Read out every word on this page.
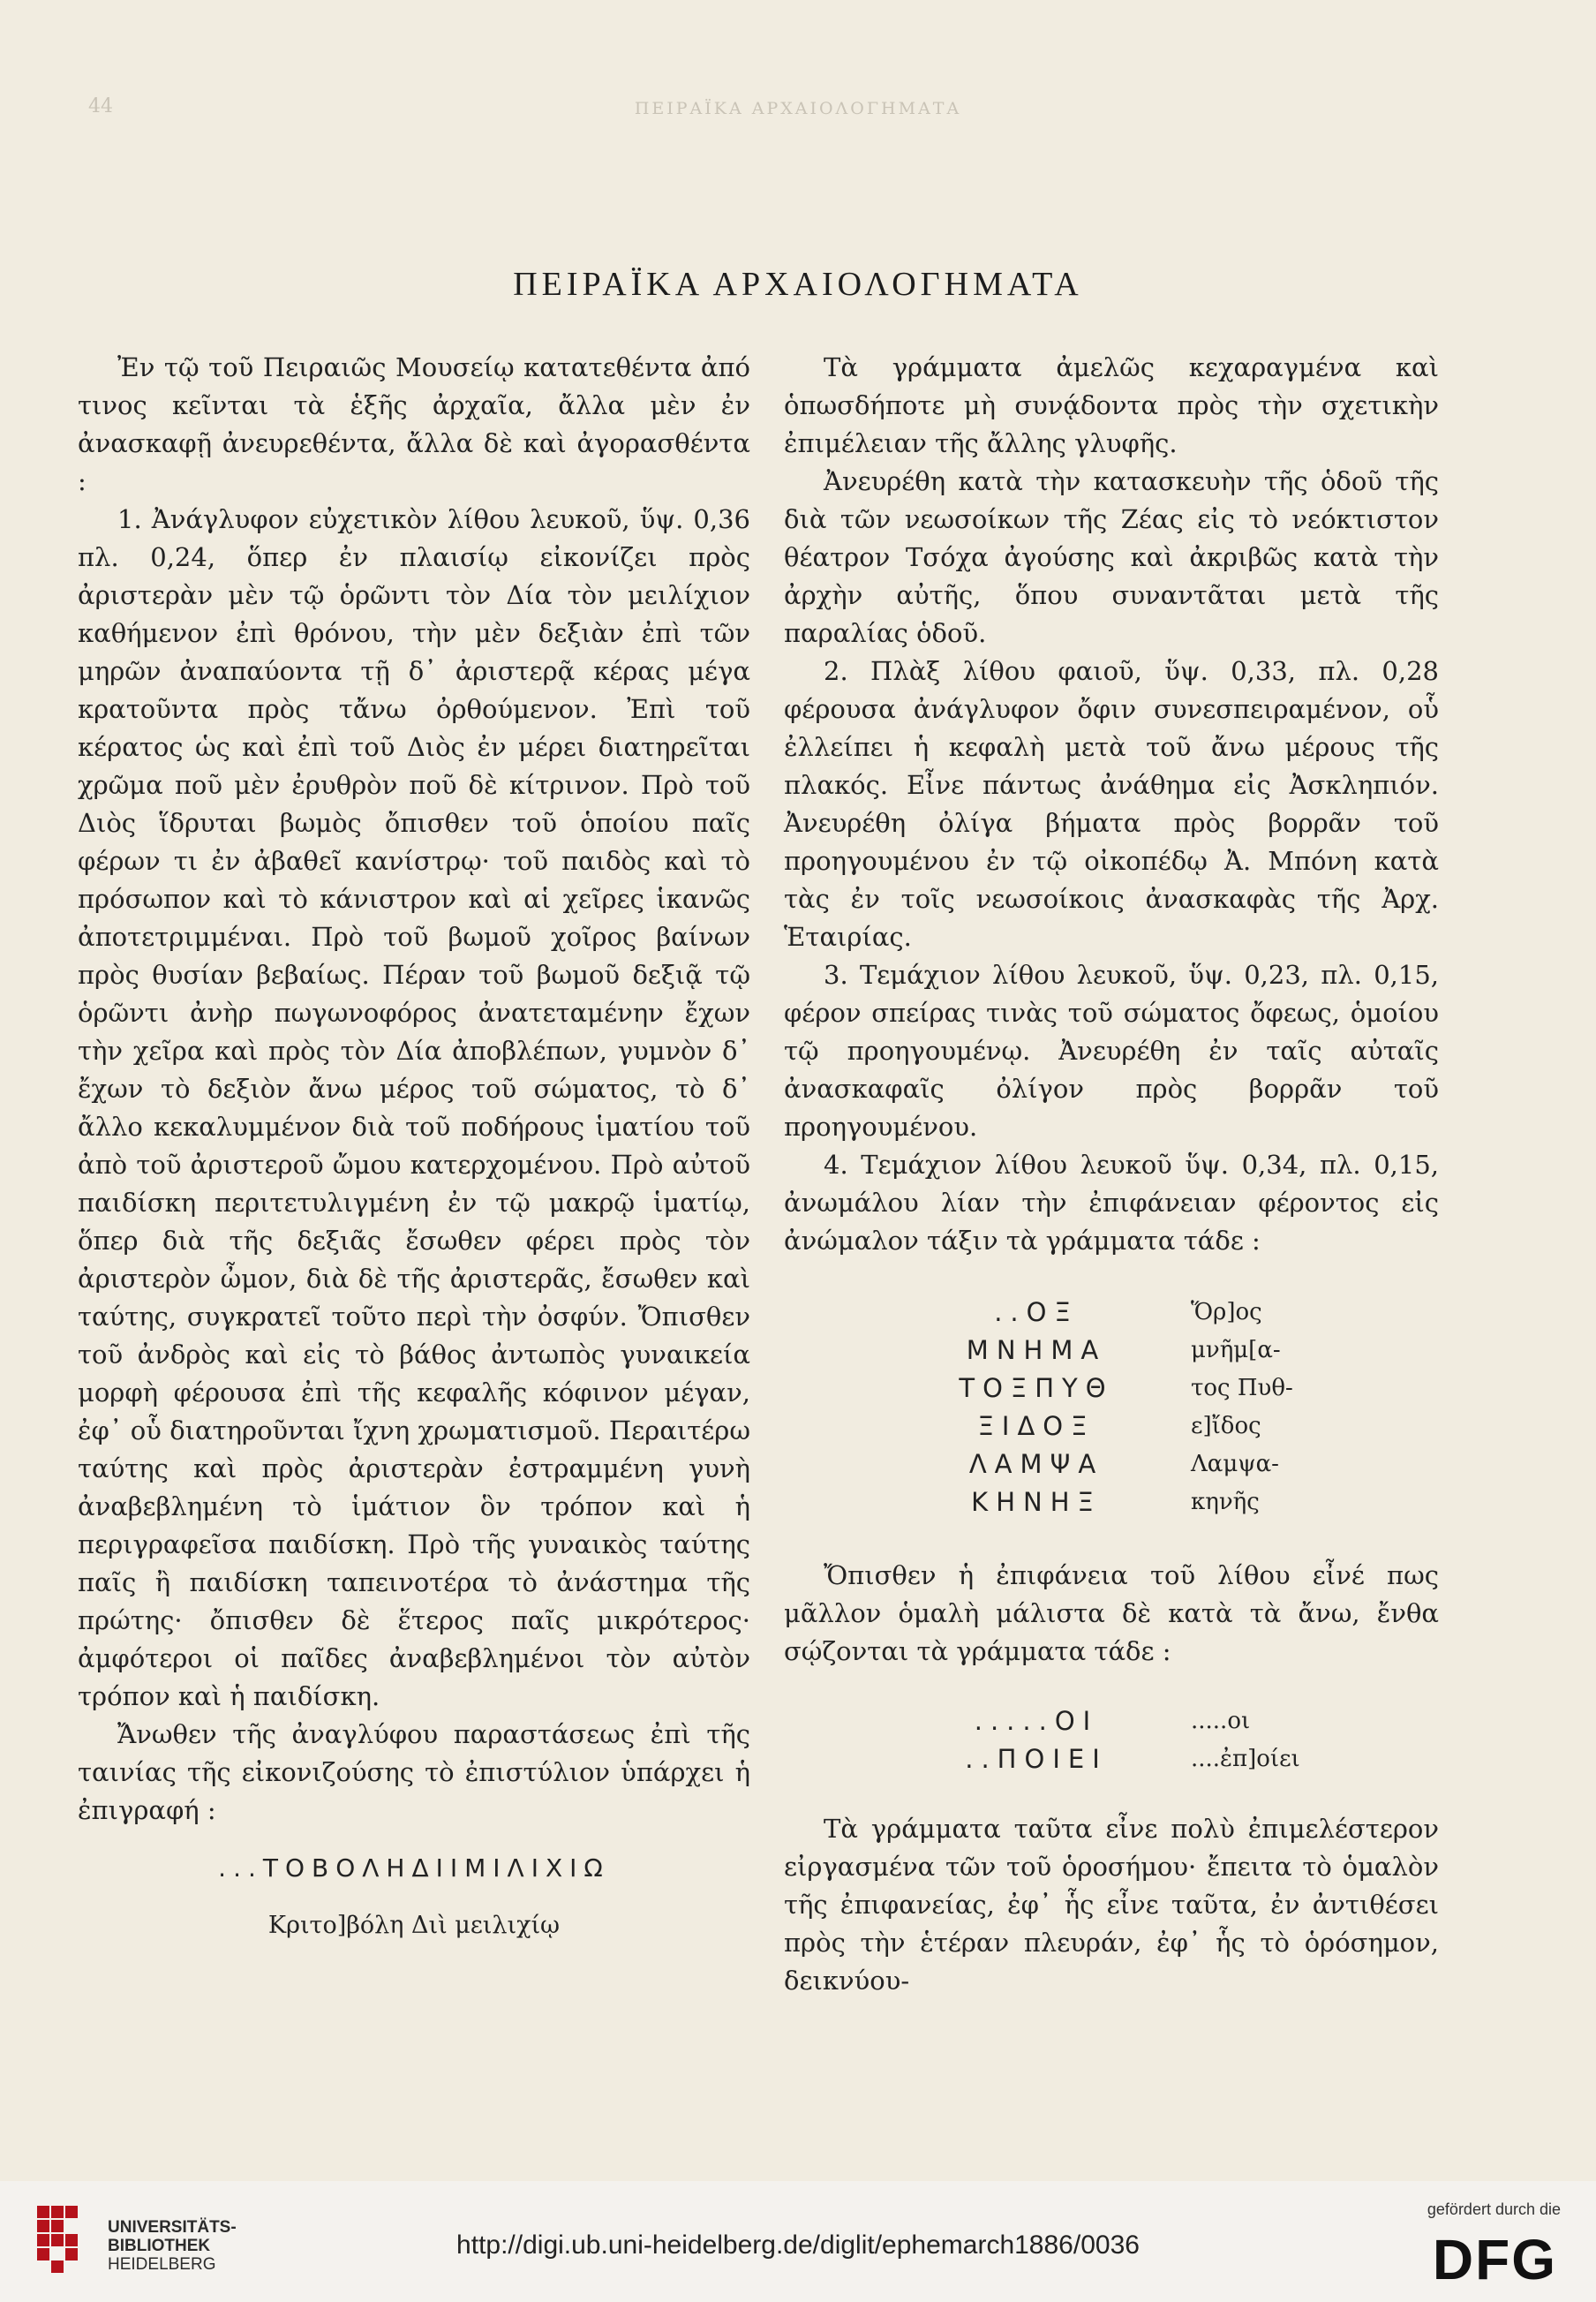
44	ΠΕΙΡΑΪΚΑ ΑΡΧΑΙΟΛΟΓΗΜΑΤΑ
ΠΕΙΡΑΪΚΑ ΑΡΧΑΙΟΛΟΓΗΜΑΤΑ

Ἐν τῷ τοῦ Πειραιῶς Μουσείῳ κατατεθέντα ἀπό τινος κεῖνται τὰ ἑξῆς ἀρχαῖα, ἄλλα μὲν ἐν ἀνασκαφῇ ἀνευρεθέντα, ἄλλα δὲ καὶ ἀγορασθέντα :

1. Ἀνάγλυφον εὐχετικὸν λίθου λευκοῦ, ὕψ. 0,36 πλ. 0,24, ὅπερ ἐν πλαισίῳ εἰκονίζει πρὸς ἀριστερὰν μὲν τῷ ὁρῶντι τὸν Δία τὸν μειλίχιον καθήμενον ἐπὶ θρόνου, τὴν μὲν δεξιὰν ἐπὶ τῶν μηρῶν ἀναπαύοντα τῇ δ᾽ ἀριστερᾷ κέρας μέγα κρατοῦντα πρὸς τἄνω ὀρθούμενον. Ἐπὶ τοῦ κέρατος ὡς καὶ ἐπὶ τοῦ Διὸς ἐν μέρει διατηρεῖται χρῶμα ποῦ μὲν ἐρυθρὸν ποῦ δὲ κίτρινον. Πρὸ τοῦ Διὸς ἵδρυται βωμὸς ὄπισθεν τοῦ ὁποίου παῖς φέρων τι ἐν ἀβαθεῖ κανίστρῳ· τοῦ παιδὸς καὶ τὸ πρόσωπον καὶ τὸ κάνιστρον καὶ αἱ χεῖρες ἱκανῶς ἀποτετριμμέναι. Πρὸ τοῦ βωμοῦ χοῖρος βαίνων πρὸς θυσίαν βεβαίως. Πέραν τοῦ βωμοῦ δεξιᾷ τῷ ὁρῶντι ἀνὴρ πωγωνοφόρος ἀνατεταμένην ἔχων τὴν χεῖρα καὶ πρὸς τὸν Δία ἀποβλέπων, γυμνὸν δ᾽ ἔχων τὸ δεξιὸν ἄνω μέρος τοῦ σώματος, τὸ δ᾽ ἄλλο κεκαλυμμένον διὰ τοῦ ποδήρους ἱματίου τοῦ ἀπὸ τοῦ ἀριστεροῦ ὤμου κατερχομένου. Πρὸ αὐτοῦ παιδίσκη περιτετυλιγμένη ἐν τῷ μακρῷ ἱματίῳ, ὅπερ διὰ τῆς δεξιᾶς ἔσωθεν φέρει πρὸς τὸν ἀριστερὸν ὦμον, διὰ δὲ τῆς ἀριστερᾶς, ἔσωθεν καὶ ταύτης, συγκρατεῖ τοῦτο περὶ τὴν ὀσφύν. Ὄπισθεν τοῦ ἀνδρὸς καὶ εἰς τὸ βάθος ἀντωπὸς γυναικεία μορφὴ φέρουσα ἐπὶ τῆς κεφαλῆς κόφινον μέγαν, ἐφ᾽ οὗ διατηροῦνται ἴχνη χρωματισμοῦ. Περαιτέρω ταύτης καὶ πρὸς ἀριστερὰν ἐστραμμένη γυνὴ ἀναβεβλημένη τὸ ἱμάτιον ὃν τρόπον καὶ ἡ περιγραφεῖσα παιδίσκη. Πρὸ τῆς γυναικὸς ταύτης παῖς ἢ παιδίσκη ταπεινοτέρα τὸ ἀνάστημα τῆς πρώτης· ὄπισθεν δὲ ἕτερος παῖς μικρότερος· ἀμφότεροι οἱ παῖδες ἀναβεβλημένοι τὸν αὐτὸν τρόπον καὶ ἡ παιδίσκη.

Ἄνωθεν τῆς ἀναγλύφου παραστάσεως ἐπὶ τῆς ταινίας τῆς εἰκονιζούσης τὸ ἐπιστύλιον ὑπάρχει ἡ ἐπιγραφή :

...ΤΟΒΟΛΗΔΙΙΜΙΛΙΧΙΩ

Κριτο]βόλη Διὶ μειλιχίῳ

Τὰ γράμματα ἀμελῶς κεχαραγμένα καὶ ὁπωσδήποτε μὴ συνᾴδοντα πρὸς τὴν σχετικὴν ἐπιμέλειαν τῆς ἄλλης γλυφῆς.

Ἀνευρέθη κατὰ τὴν κατασκευὴν τῆς ὁδοῦ τῆς διὰ τῶν νεωσοίκων τῆς Ζέας εἰς τὸ νεόκτιστον θέατρον Τσόχα ἀγούσης καὶ ἀκριβῶς κατὰ τὴν ἀρχὴν αὐτῆς, ὅπου συναντᾶται μετὰ τῆς παραλίας ὁδοῦ.

2. Πλὰξ λίθου φαιοῦ, ὕψ. 0,33, πλ. 0,28 φέρουσα ἀνάγλυφον ὄφιν συνεσπειραμένον, οὗ ἐλλείπει ἡ κεφαλὴ μετὰ τοῦ ἄνω μέρους τῆς πλακός. Εἶνε πάντως ἀνάθημα εἰς Ἀσκληπιόν. Ἀνευρέθη ὀλίγα βήματα πρὸς βορρᾶν τοῦ προηγουμένου ἐν τῷ οἰκοπέδῳ Ἀ. Μπόνη κατὰ τὰς ἐν τοῖς νεωσοίκοις ἀνασκαφὰς τῆς Ἀρχ. Ἑταιρίας.

3. Τεμάχιον λίθου λευκοῦ, ὕψ. 0,23, πλ. 0,15, φέρον σπείρας τινὰς τοῦ σώματος ὄφεως, ὁμοίου τῷ προηγουμένῳ. Ἀνευρέθη ἐν ταῖς αὐταῖς ἀνασκαφαῖς ὀλίγον πρὸς βορρᾶν τοῦ προηγουμένου.

4. Τεμάχιον λίθου λευκοῦ ὕψ. 0,34, πλ. 0,15, ἀνωμάλου λίαν τὴν ἐπιφάνειαν φέροντος εἰς ἀνώμαλον τάξιν τὰ γράμματα τάδε :

..ΟΞ	Ὅρ]ος
ΜΝΗΜΑ	μνῆμ[α-
ΤΟΞΠΥΘ	τος Πυθ-
ΞΙΔΟΞ	ε]ἴδος
ΛΑΜΨΑ	Λαμψα-
ΚΗΝΗΞ	κηνῆς

Ὄπισθεν ἡ ἐπιφάνεια τοῦ λίθου εἶνέ πως μᾶλλον ὁμαλὴ μάλιστα δὲ κατὰ τὰ ἄνω, ἔνθα σῴζονται τὰ γράμματα τάδε :

.....ΟΙ	.....οι
..ΠΟΙΕΙ	....ἐπ]οίει

Τὰ γράμματα ταῦτα εἶνε πολὺ ἐπιμελέστερον εἰργασμένα τῶν τοῦ ὁροσήμου· ἔπειτα τὸ ὁμαλὸν τῆς ἐπιφανείας, ἐφ᾽ ἧς εἶνε ταῦτα, ἐν ἀντιθέσει πρὸς τὴν ἑτέραν πλευράν, ἐφ᾽ ἧς τὸ ὁρόσημον, δεικνύου-

UNIVERSITÄTS-
BIBLIOTHEK
HEIDELBERG
http://digi.ub.uni-heidelberg.de/diglit/ephemarch1886/0036
gefördert durch die
DFG
